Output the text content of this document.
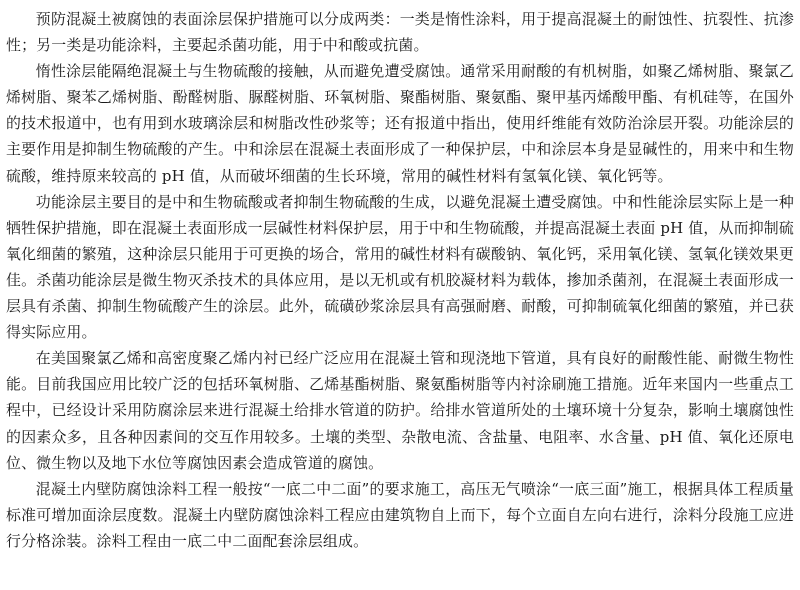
预防混凝土被腐蚀的表面涂层保护措施可以分成两类：一类是惰性涂料，用于提高混凝土的耐蚀性、抗裂性、抗渗性；另一类是功能涂料，主要起杀菌功能，用于中和酸或抗菌。

惰性涂层能隔绝混凝土与生物硫酸的接触，从而避免遭受腐蚀。通常采用耐酸的有机树脂，如聚乙烯树脂、聚氯乙烯树脂、聚苯乙烯树脂、酚醛树脂、脲醛树脂、环氧树脂、聚酯树脂、聚氨酯、聚甲基丙烯酸甲酯、有机硅等，在国外的技术报道中，也有用到水玻璃涂层和树脂改性砂浆等；还有报道中指出，使用纤维能有效防治涂层开裂。功能涂层的主要作用是抑制生物硫酸的产生。中和涂层在混凝土表面形成了一种保护层，中和涂层本身是显碱性的，用来中和生物硫酸，维持原来较高的 pH 值，从而破坏细菌的生长环境，常用的碱性材料有氢氧化镁、氧化钙等。

功能涂层主要目的是中和生物硫酸或者抑制生物硫酸的生成，以避免混凝土遭受腐蚀。中和性能涂层实际上是一种牺牲保护措施，即在混凝土表面形成一层碱性材料保护层，用于中和生物硫酸，并提高混凝土表面 pH 值，从而抑制硫氧化细菌的繁殖，这种涂层只能用于可更换的场合，常用的碱性材料有碳酸钠、氧化钙，采用氧化镁、氢氧化镁效果更佳。杀菌功能涂层是微生物灭杀技术的具体应用，是以无机或有机胶凝材料为载体，掺加杀菌剂，在混凝土表面形成一层具有杀菌、抑制生物硫酸产生的涂层。此外，硫磺砂浆涂层具有高强耐磨、耐酸，可抑制硫氧化细菌的繁殖，并已获得实际应用。

在美国聚氯乙烯和高密度聚乙烯内衬已经广泛应用在混凝土管和现浇地下管道，具有良好的耐酸性能、耐微生物性能。目前我国应用比较广泛的包括环氧树脂、乙烯基酯树脂、聚氨酯树脂等内衬涂刷施工措施。近年来国内一些重点工程中，已经设计采用防腐涂层来进行混凝土给排水管道的防护。给排水管道所处的土壤环境十分复杂，影响土壤腐蚀性的因素众多，且各种因素间的交互作用较多。土壤的类型、杂散电流、含盐量、电阻率、水含量、pH 值、氧化还原电位、微生物以及地下水位等腐蚀因素会造成管道的腐蚀。

混凝土内壁防腐蚀涂料工程一般按“一底二中二面”的要求施工，高压无气喷涂“一底三面”施工，根据具体工程质量标准可增加面涂层度数。混凝土内壁防腐蚀涂料工程应由建筑物自上而下，每个立面自左向右进行，涂料分段施工应进行分格涂装。涂料工程由一底二中二面配套涂层组成。
